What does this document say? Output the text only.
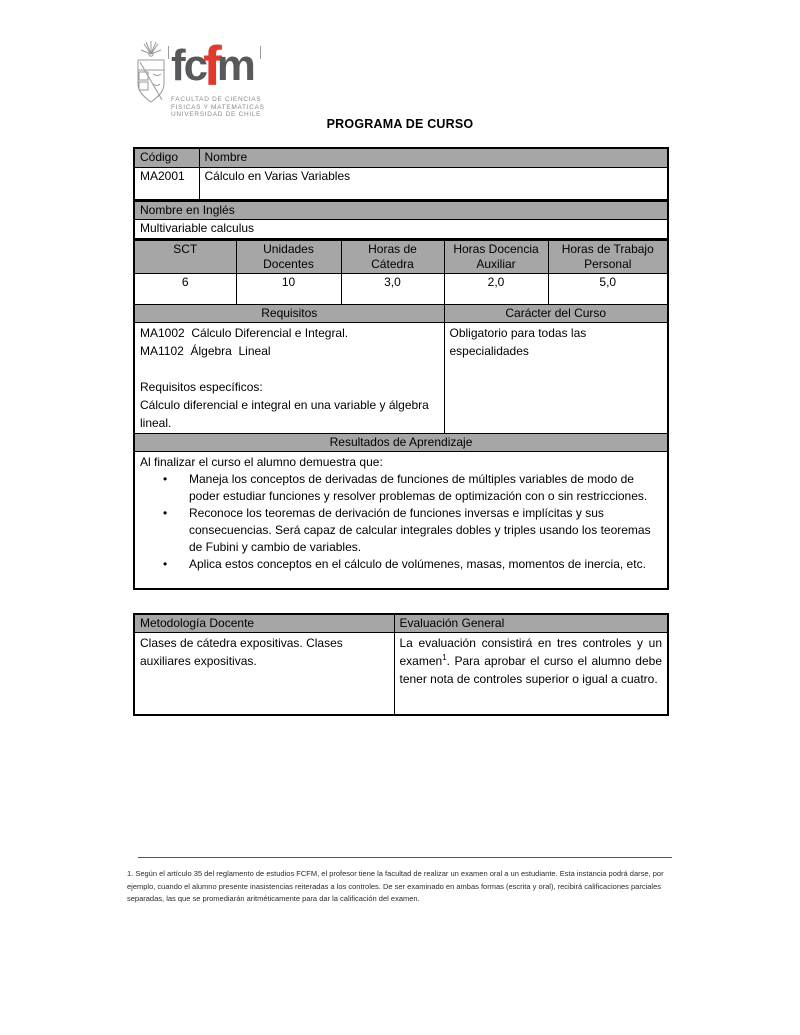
fcfm
FACULTAD DE CIENCIAS
FISICAS Y MATEMATICAS
UNIVERSIDAD DE CHILE
PROGRAMA DE CURSO
Código	Nombre
MA2001	Cálculo en Varias Variables
Nombre en Inglés
Multivariable calculus
SCT	Unidades Docentes	Horas de Cátedra	Horas Docencia Auxiliar	Horas de Trabajo Personal
6	10	3,0	2,0	5,0
Requisitos			Carácter del Curso	

MA1002  Cálculo Diferencial e Integral.
MA1102  Álgebra  Lineal
Requisitos específicos:
Cálculo diferencial e integral en una variable y álgebra lineal.			Obligatorio para todas las especialidades	

Resultados de Aprendizaje				

Al finalizar el curso el alumno demuestra que:
•	Maneja los conceptos de derivadas de funciones de múltiples variables de modo de poder estudiar funciones y resolver problemas de optimización con o sin restricciones.
•	Reconoce los teoremas de derivación de funciones inversas e implícitas y sus consecuencias. Será capaz de calcular integrales dobles y triples usando los teoremas de Fubini y cambio de variables.
•	Aplica estos conceptos en el cálculo de volúmenes, masas, momentos de inercia, etc.
Metodología Docente	Evaluación General

Clases de cátedra expositivas. Clases auxiliares expositivas.	La evaluación consistirá en tres controles y un examen$^1$. Para aprobar el curso el alumno debe tener nota de controles superior o igual a cuatro.
1. Según el artículo 35 del reglamento de estudios FCFM, el profesor tiene la facultad de realizar un examen oral a un estudiante. Esta instancia podrá darse, por ejemplo, cuando el alumno presente inasistencias reiteradas a los controles. De ser examinado en ambas formas (escrita y oral), recibirá calificaciones parciales separadas, las que se promediarán aritméticamente para dar la calificación del examen.
